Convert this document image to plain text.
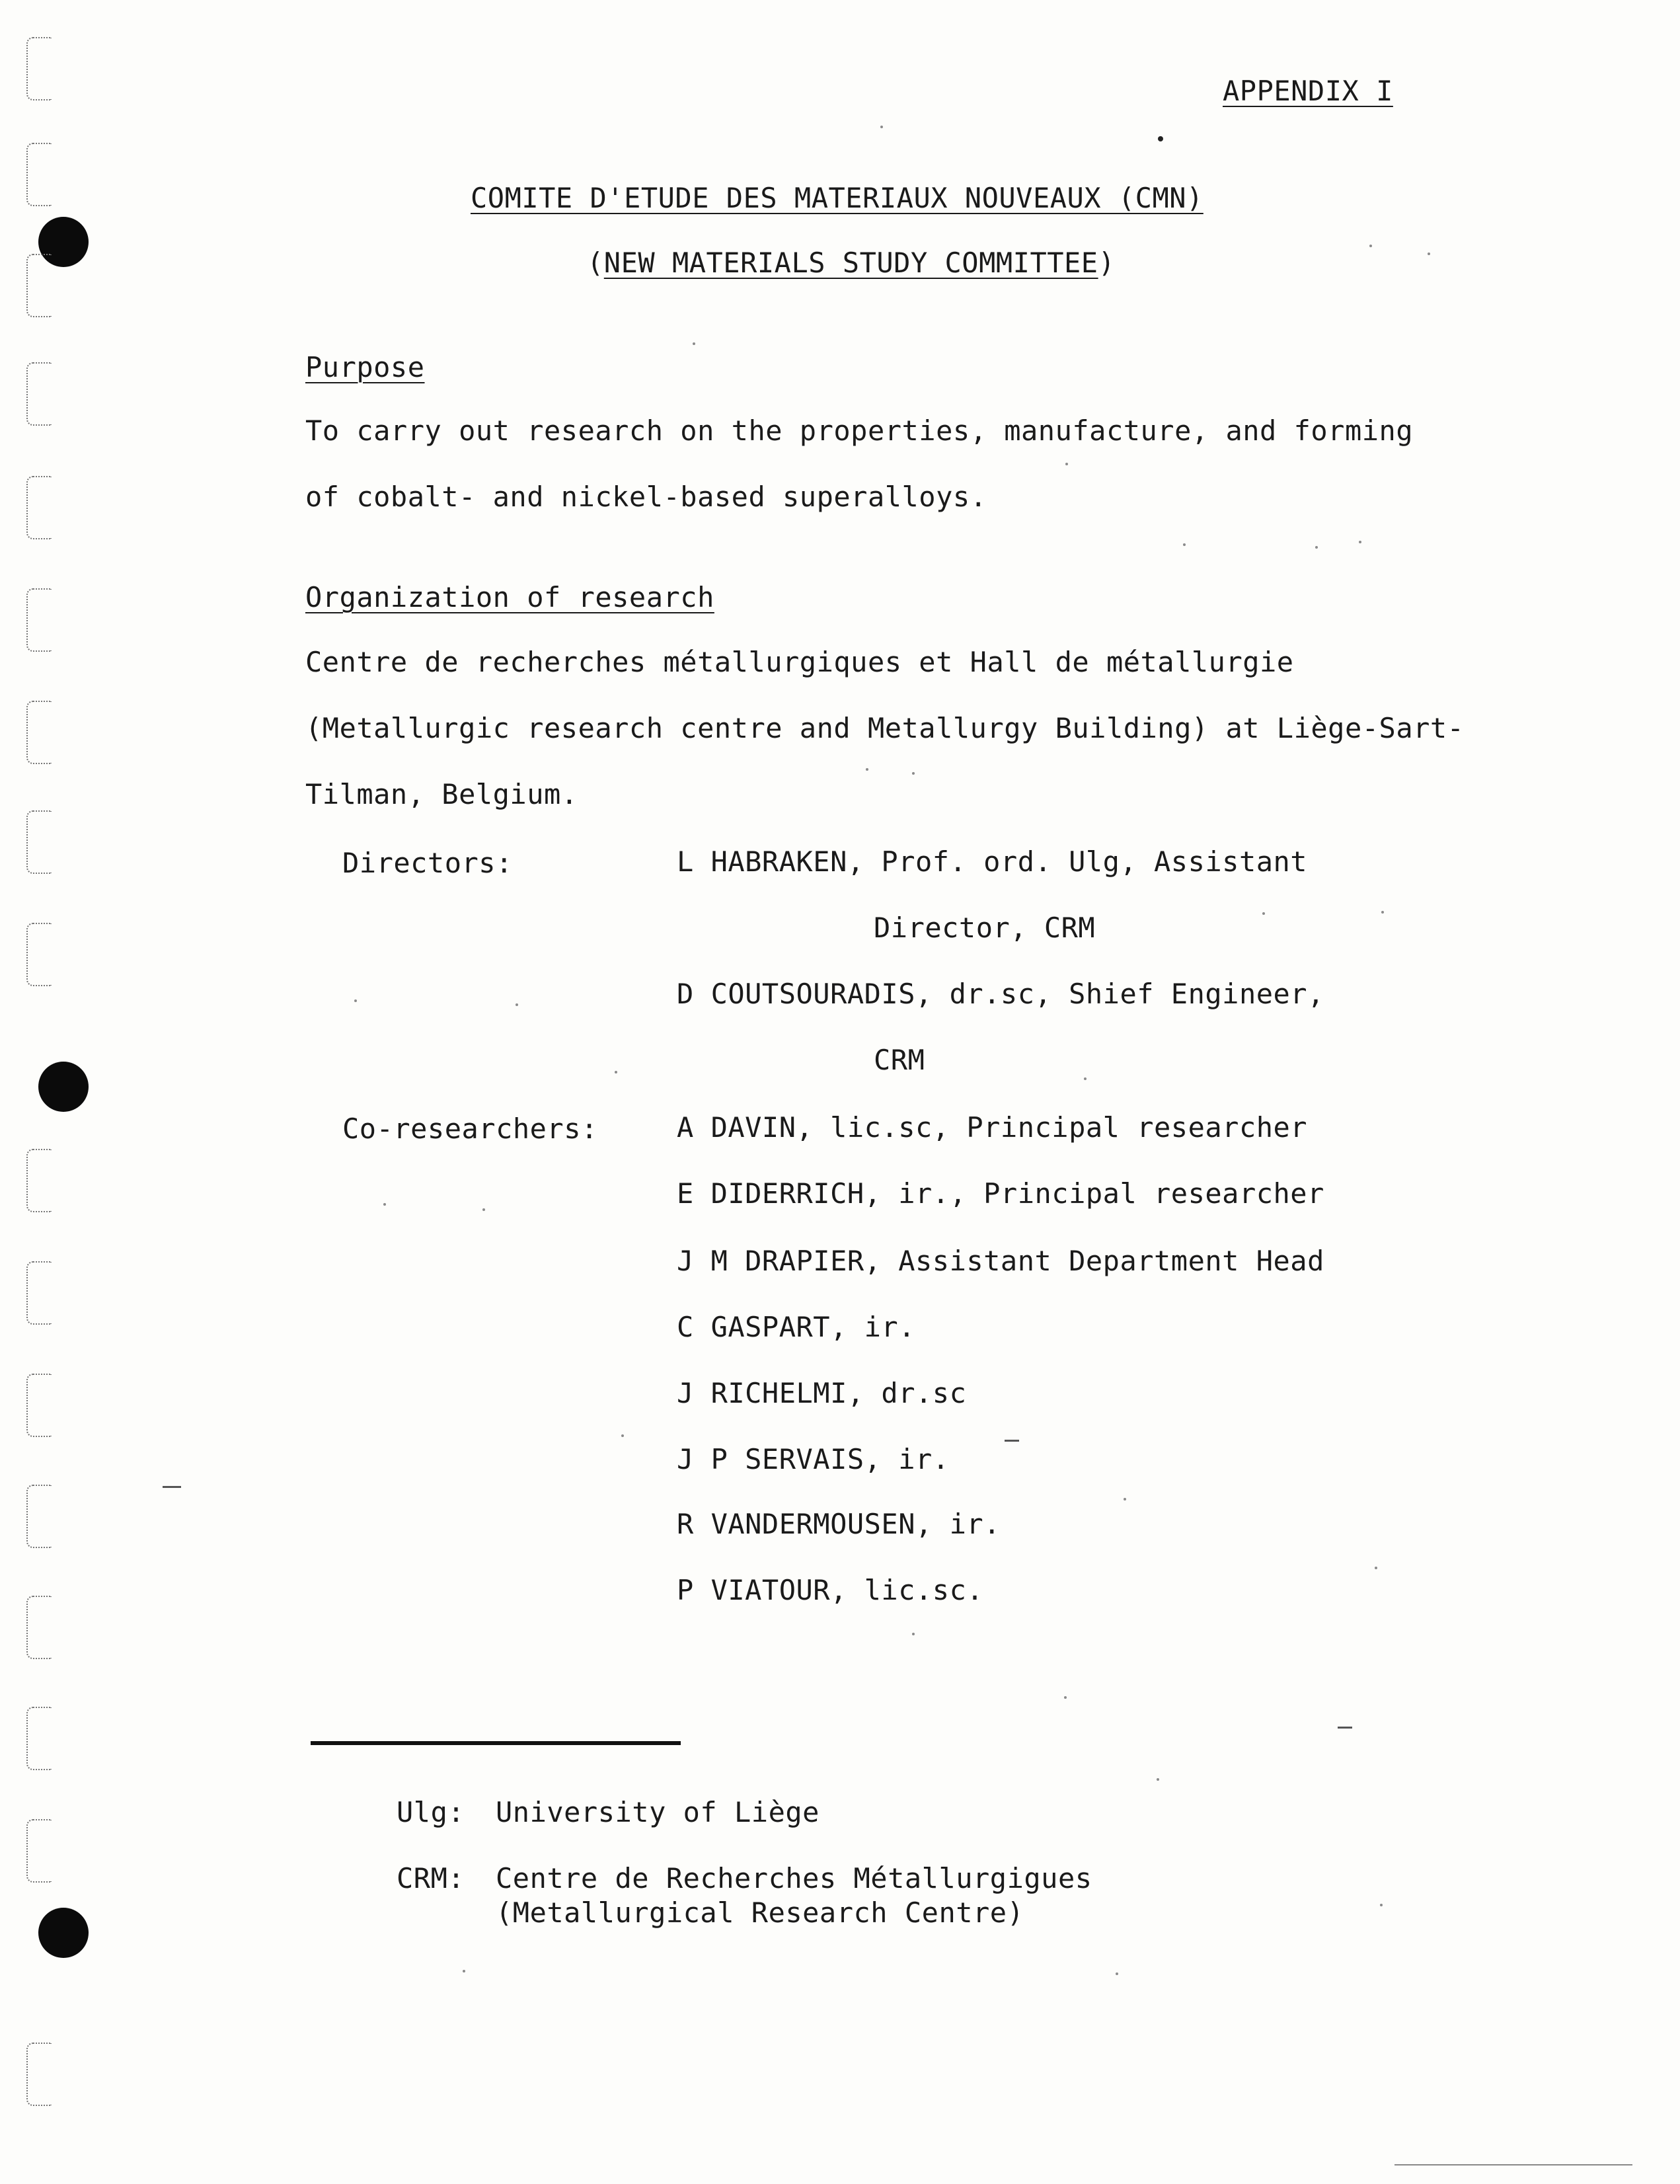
APPENDIX I
COMITE D'ETUDE DES MATERIAUX NOUVEAUX (CMN)
(NEW MATERIALS STUDY COMMITTEE)
Purpose
To carry out research on the properties, manufacture, and forming
of cobalt- and nickel-based superalloys.
Organization of research
Centre de recherches métallurgiques et Hall de métallurgie
(Metallurgic research centre and Metallurgy Building) at Liège-Sart-
Tilman, Belgium.
Directors:	L HABRAKEN, Prof. ord. Ulg, Assistant
Director, CRM
D COUTSOURADIS, dr.sc, Shief Engineer,
CRM
Co-researchers:	A DAVIN, lic.sc, Principal researcher
E DIDERRICH, ir., Principal researcher
J M DRAPIER, Assistant Department Head
C GASPART, ir.
J RICHELMI, dr.sc
J P SERVAIS, ir.
R VANDERMOUSEN, ir.
P VIATOUR, lic.sc.
Ulg: University of Liège
CRM: Centre de Recherches Métallurgigues
(Metallurgical Research Centre)
